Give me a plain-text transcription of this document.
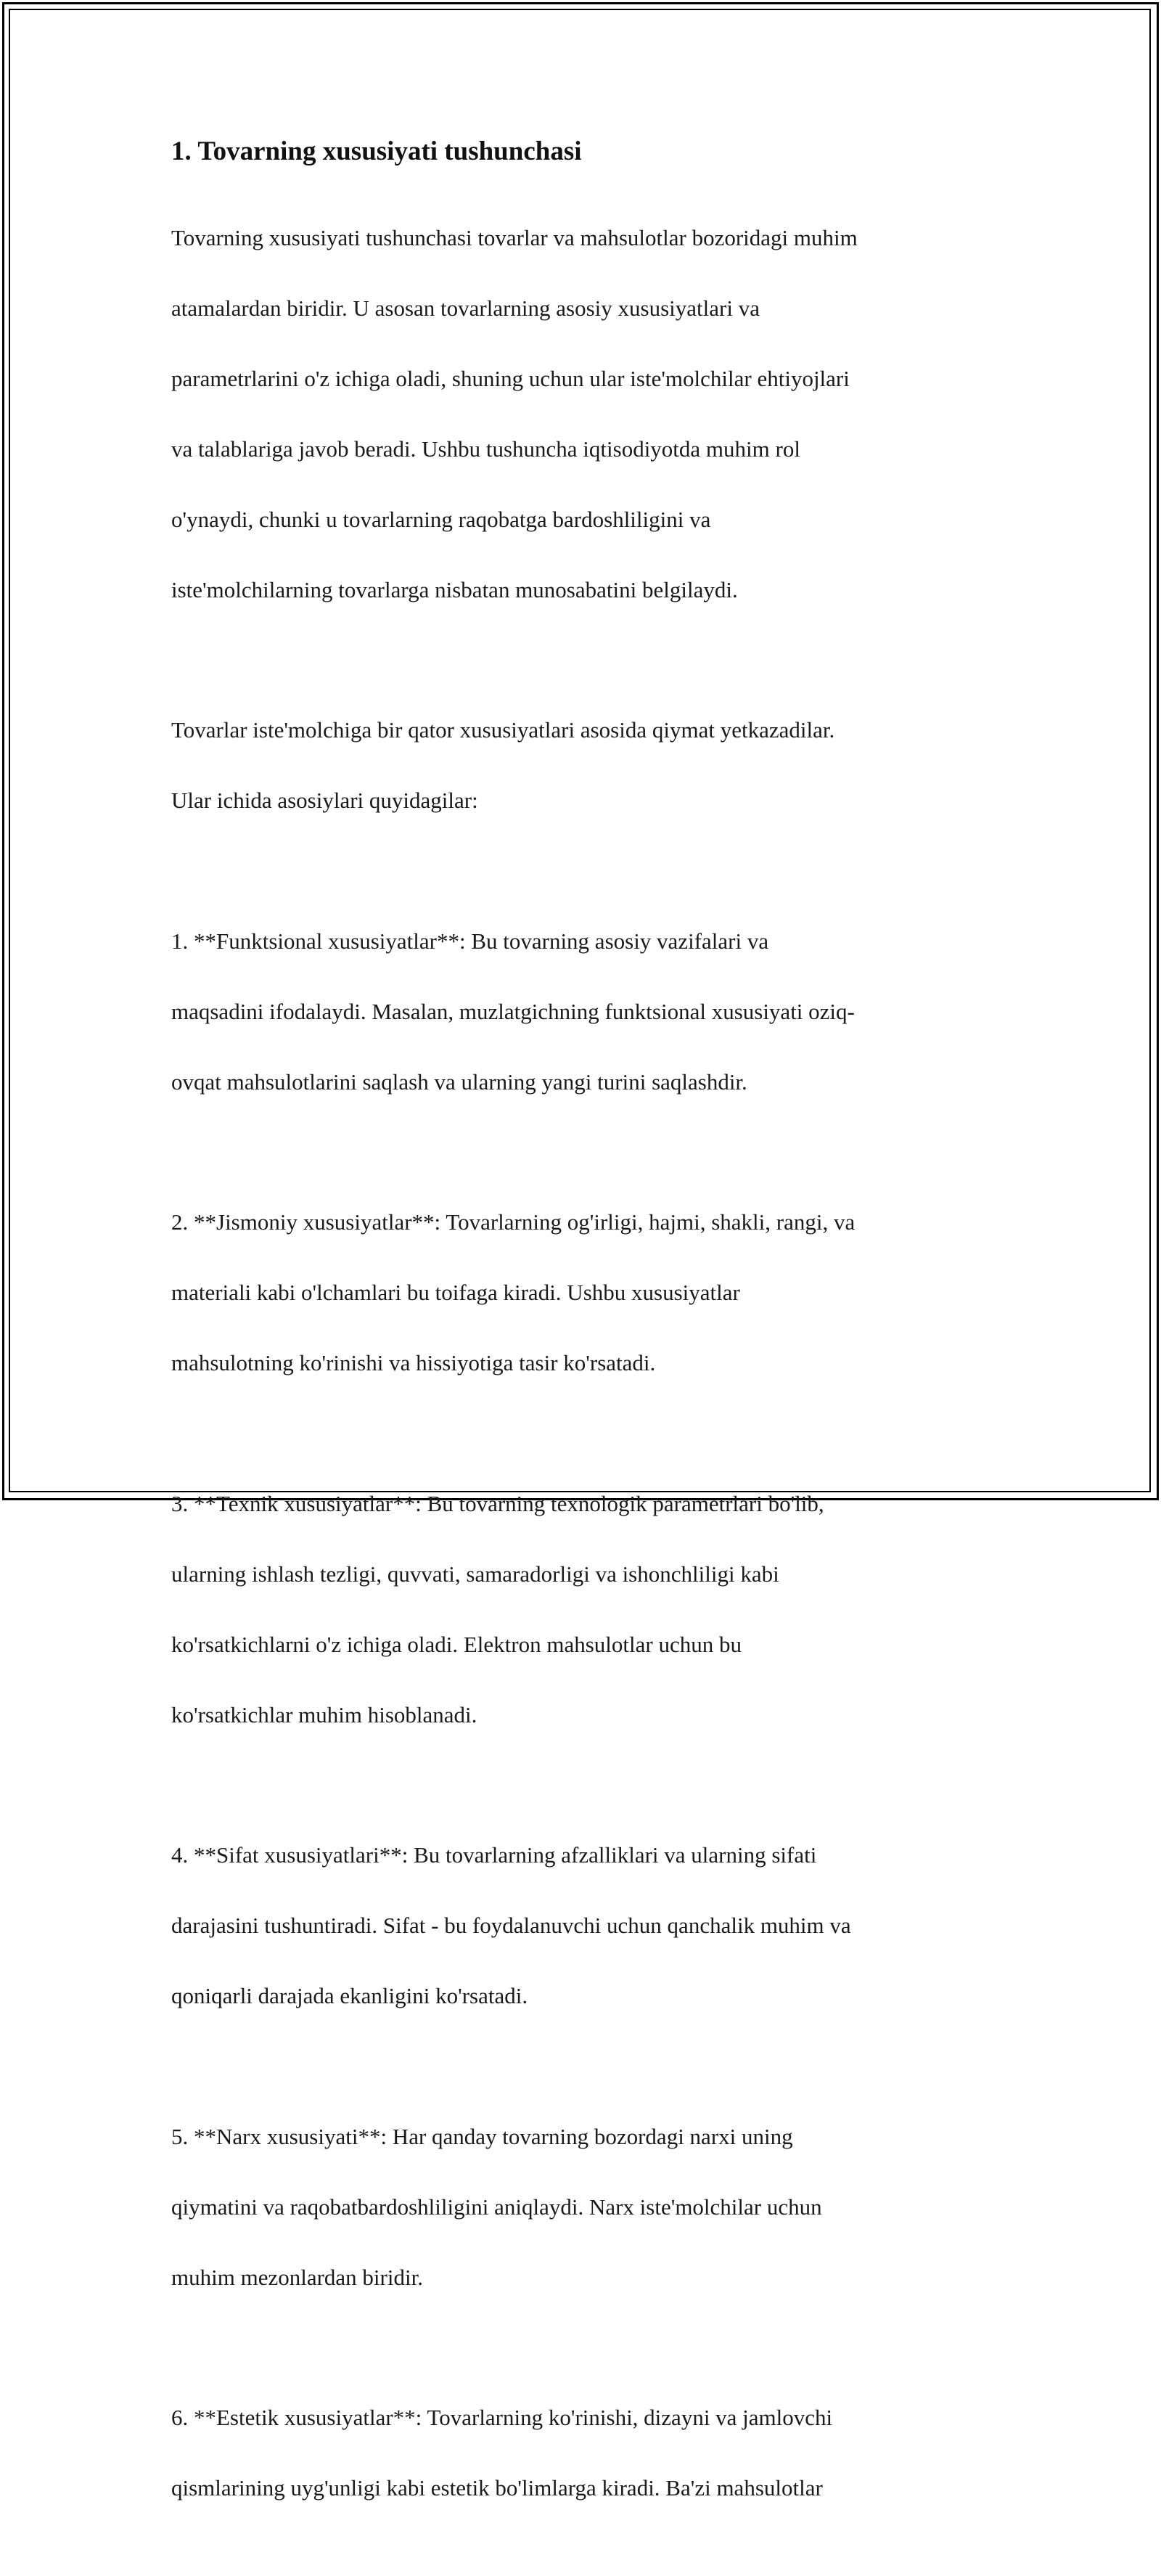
1. Tovarning xususiyati tushunchasi

Tovarning xususiyati tushunchasi tovarlar va mahsulotlar bozoridagi muhim

atamalardan biridir. U asosan tovarlarning asosiy xususiyatlari va

parametrlarini o'z ichiga oladi, shuning uchun ular iste'molchilar ehtiyojlari

va talablariga javob beradi. Ushbu tushuncha iqtisodiyotda muhim rol

o'ynaydi, chunki u tovarlarning raqobatga bardoshliligini va

iste'molchilarning tovarlarga nisbatan munosabatini belgilaydi.

Tovarlar iste'molchiga bir qator xususiyatlari asosida qiymat yetkazadilar.

Ular ichida asosiylari quyidagilar:

1. **Funktsional xususiyatlar**: Bu tovarning asosiy vazifalari va

maqsadini ifodalaydi. Masalan, muzlatgichning funktsional xususiyati oziq-

ovqat mahsulotlarini saqlash va ularning yangi turini saqlashdir.

2. **Jismoniy xususiyatlar**: Tovarlarning og'irligi, hajmi, shakli, rangi, va

materiali kabi o'lchamlari bu toifaga kiradi. Ushbu xususiyatlar

mahsulotning ko'rinishi va hissiyotiga tasir ko'rsatadi.

3. **Texnik xususiyatlar**: Bu tovarning texnologik parametrlari bo'lib,

ularning ishlash tezligi, quvvati, samaradorligi va ishonchliligi kabi

ko'rsatkichlarni o'z ichiga oladi. Elektron mahsulotlar uchun bu

ko'rsatkichlar muhim hisoblanadi.

4. **Sifat xususiyatlari**: Bu tovarlarning afzalliklari va ularning sifati

darajasini tushuntiradi. Sifat - bu foydalanuvchi uchun qanchalik muhim va

qoniqarli darajada ekanligini ko'rsatadi.

5. **Narx xususiyati**: Har qanday tovarning bozordagi narxi uning

qiymatini va raqobatbardoshliligini aniqlaydi. Narx iste'molchilar uchun

muhim mezonlardan biridir.

6. **Estetik xususiyatlar**: Tovarlarning ko'rinishi, dizayni va jamlovchi

qismlarining uyg'unligi kabi estetik bo'limlarga kiradi. Ba'zi mahsulotlar
